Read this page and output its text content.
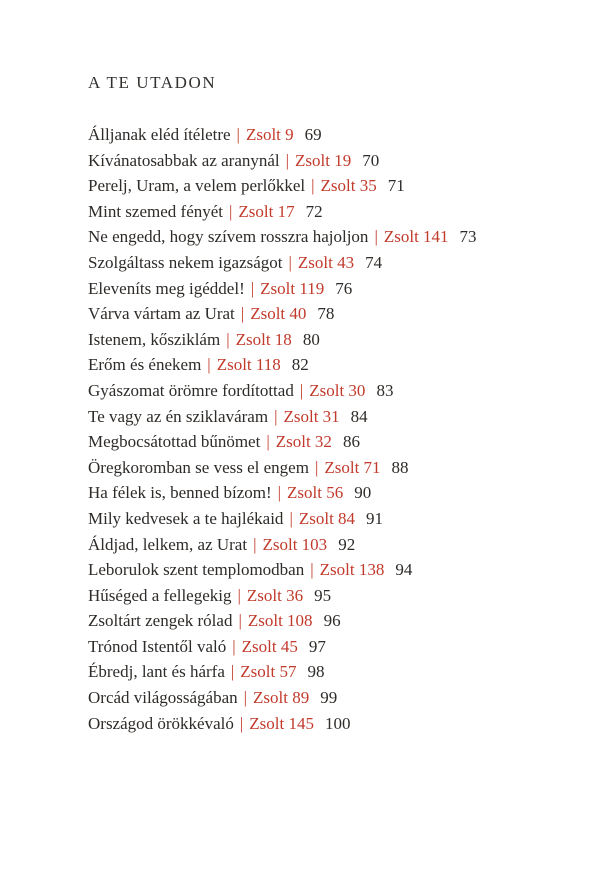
A TE UTADON
Álljanak eléd ítéletre | Zsolt 9 69
Kívánatosabbak az aranynál | Zsolt 19 70
Perelj, Uram, a velem perlőkkel | Zsolt 35 71
Mint szemed fényét | Zsolt 17 72
Ne engedd, hogy szívem rosszra hajoljon | Zsolt 141 73
Szolgáltass nekem igazságot | Zsolt 43 74
Eleveníts meg igéddel! | Zsolt 119 76
Várva vártam az Urat | Zsolt 40 78
Istenem, kősziklám | Zsolt 18 80
Erőm és énekem | Zsolt 118 82
Gyászomat örömre fordítottad | Zsolt 30 83
Te vagy az én sziklaváram | Zsolt 31 84
Megbocsátottad bűnömet | Zsolt 32 86
Öregkoromban se vess el engem | Zsolt 71 88
Ha félek is, benned bízom! | Zsolt 56 90
Mily kedvesek a te hajlékaid | Zsolt 84 91
Áldjad, lelkem, az Urat | Zsolt 103 92
Leborulok szent templomodban | Zsolt 138 94
Hűséged a fellegekig | Zsolt 36 95
Zsoltárt zengek rólad | Zsolt 108 96
Trónod Istentől való | Zsolt 45 97
Ébredj, lant és hárfa | Zsolt 57 98
Orcád világosságában | Zsolt 89 99
Országod örökkévaló | Zsolt 145 100
